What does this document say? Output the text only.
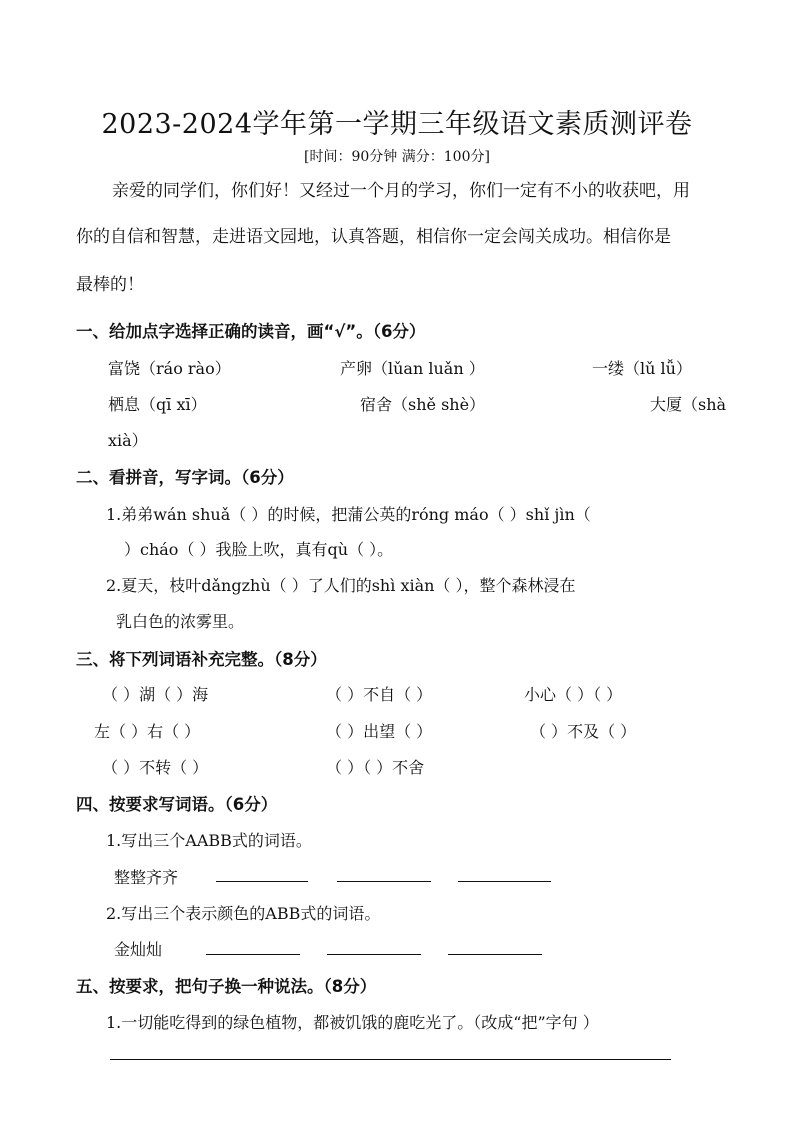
2023-2024学年第一学期三年级语文素质测评卷
[时间：90分钟 满分：100分]
亲爱的同学们，你们好！又经过一个月的学习，你们一定有不小的收获吧，用
你的自信和智慧，走进语文园地，认真答题，相信你一定会闯关成功。相信你是
最棒的！
一、给加点字选择正确的读音，画“√”。（6分）
富饶（ráo rào）	产卵（lǔan luǎn ）	一缕（lǔ lǚ）
栖息（qī xī）	宿舍（shě shè）	大厦（shà
xià）
二、看拼音，写字词。（6分）
1.弟弟wán shuǎ（ ）的时候，把蒲公英的róng máo（ ）shǐ jìn（
）cháo（ ）我脸上吹，真有qù（ ）。
2.夏天，枝叶dǎngzhù（ ）了人们的shì xiàn（ ），整个森林浸在
乳白色的浓雾里。
三、将下列词语补充完整。（8分）
（ ）湖（ ）海	（ ）不自（ ）	小心（ ）（ ）
左（ ）右（ ）	（ ）出望（ ）	（ ）不及（ ）
（ ）不转（ ）	（ ）（ ）不舍
四、按要求写词语。（6分）
1.写出三个AABB式的词语。
整整齐齐
2.写出三个表示颜色的ABB式的词语。
金灿灿
五、按要求，把句子换一种说法。（8分）
1.一切能吃得到的绿色植物，都被饥饿的鹿吃光了。（改成“把”字句 ）
